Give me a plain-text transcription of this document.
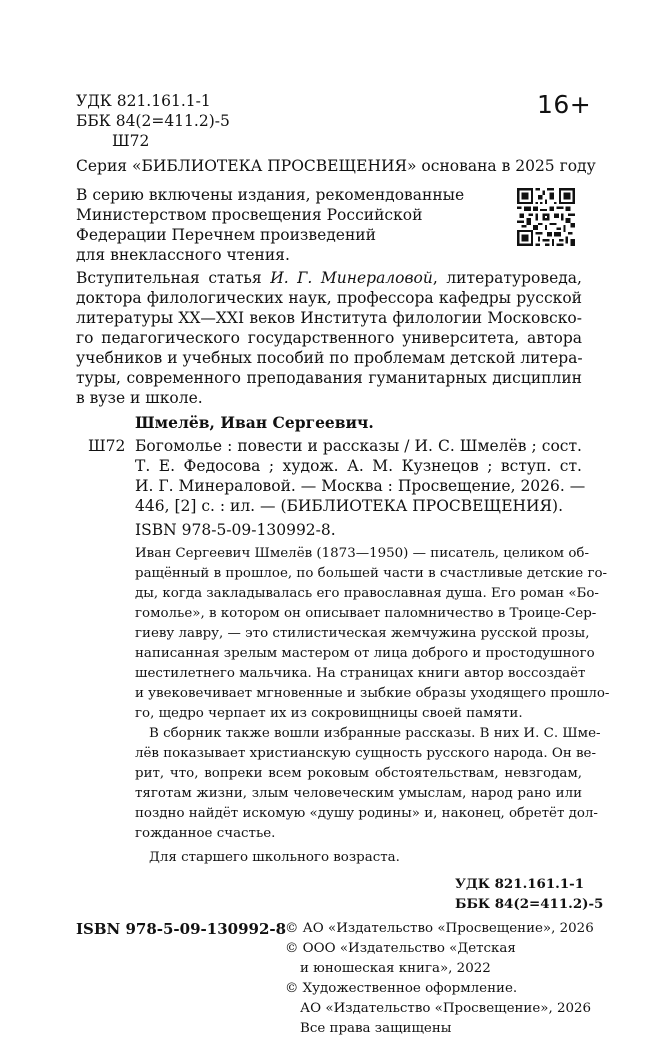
УДК 821.161.1-1
ББК 84(2=411.2)-5
Ш72
16+
Серия «БИБЛИОТЕКА ПРОСВЕЩЕНИЯ» основана в 2025 году
В серию включены издания, рекомендованные
Министерством просвещения Российской
Федерации Перечнем произведений
для внеклассного чтения.
Вступительная статья И. Г. Минераловой, литературоведа,
доктора филологических наук, профессора кафедры русской
литературы XX—XXI веков Института филологии Московско-
го педагогического государственного университета, автора
учебников и учебных пособий по проблемам детской литера-
туры, современного преподавания гуманитарных дисциплин
в вузе и школе.
Шмелёв, Иван Сергеевич.
Ш72 Богомолье : повести и рассказы / И. С. Шмелёв ; сост.
Т. Е. Федосова ; худож. А. М. Кузнецов ; вступ. ст.
И. Г. Минераловой. — Москва : Просвещение, 2026. —
446, [2] с. : ил. — (БИБЛИОТЕКА ПРОСВЕЩЕНИЯ).
ISBN 978-5-09-130992-8.
Иван Сергеевич Шмелёв (1873—1950) — писатель, целиком об-
ращённый в прошлое, по большей части в счастливые детские го-
ды, когда закладывалась его православная душа. Его роман «Бо-
гомолье», в котором он описывает паломничество в Троице-Сер-
гиеву лавру, — это стилистическая жемчужина русской прозы,
написанная зрелым мастером от лица доброго и простодушного
шестилетнего мальчика. На страницах книги автор воссоздаёт
и увековечивает мгновенные и зыбкие образы уходящего прошло-
го, щедро черпает их из сокровищницы своей памяти.
В сборник также вошли избранные рассказы. В них И. С. Шме-
лёв показывает христианскую сущность русского народа. Он ве-
рит, что, вопреки всем роковым обстоятельствам, невзгодам,
тяготам жизни, злым человеческим умыслам, народ рано или
поздно найдёт искомую «душу родины» и, наконец, обретёт дол-
гожданное счастье.
Для старшего школьного возраста.
УДК 821.161.1-1
ББК 84(2=411.2)-5
ISBN 978-5-09-130992-8
© АО «Издательство «Просвещение», 2026
© ООО «Издательство «Детская
и юношеская книга», 2022
© Художественное оформление.
АО «Издательство «Просвещение», 2026
Все права защищены
